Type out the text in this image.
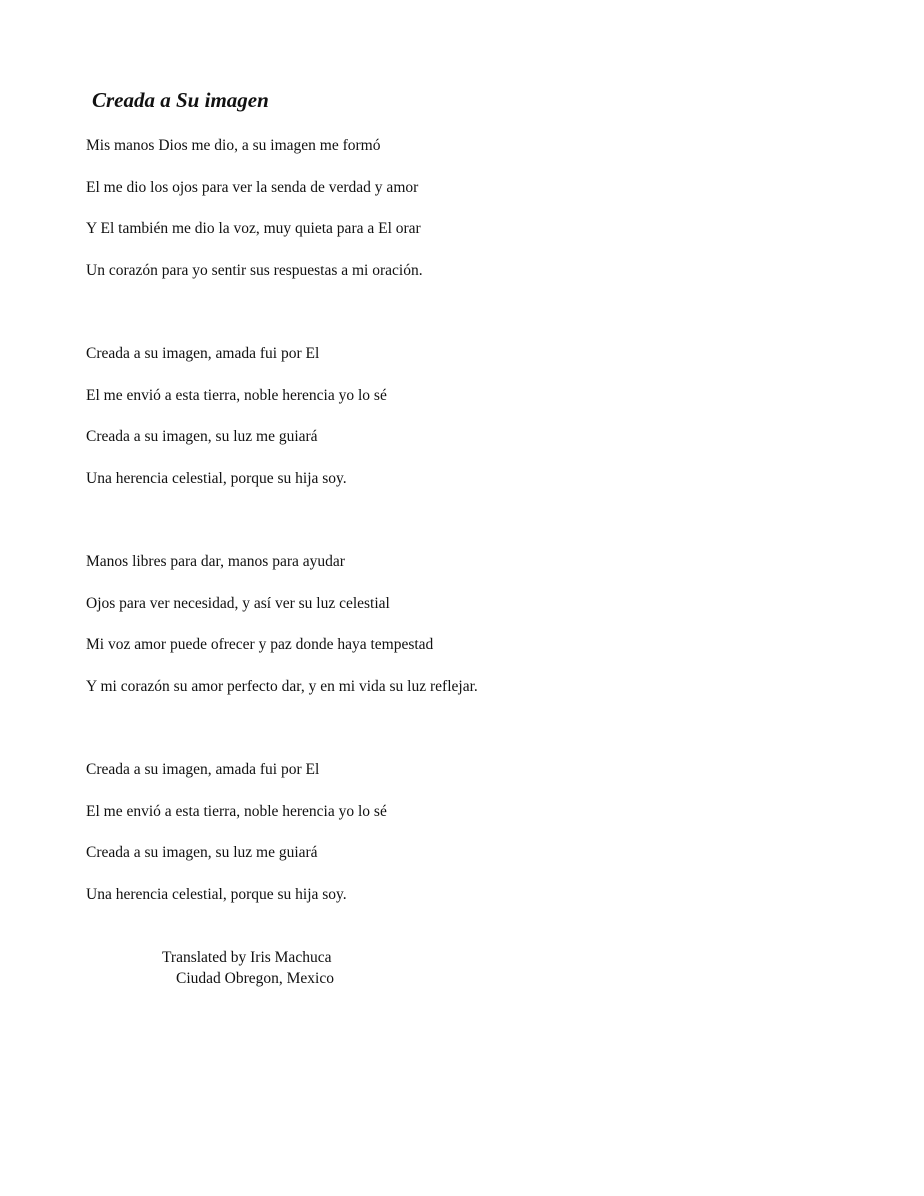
Creada a Su imagen
Mis manos Dios me dio, a su imagen me formó
El me dio los ojos para ver la senda de verdad y amor
Y El también me dio la voz, muy quieta para a El orar
Un corazón para yo sentir sus respuestas a mi oración.
Creada a su imagen, amada fui por El
El me envió a esta tierra, noble herencia yo lo sé
Creada a su imagen, su luz me guiará
Una herencia celestial, porque su hija soy.
Manos libres para dar, manos para ayudar
Ojos para ver necesidad, y así ver su luz celestial
Mi voz amor puede ofrecer y paz donde haya tempestad
Y mi corazón su amor perfecto dar, y en mi vida su luz reflejar.
Creada a su imagen, amada fui por El
El me envió a esta tierra, noble herencia yo lo sé
Creada a su imagen, su luz me guiará
Una herencia celestial, porque su hija soy.
Translated by Iris Machuca
Ciudad Obregon, Mexico
